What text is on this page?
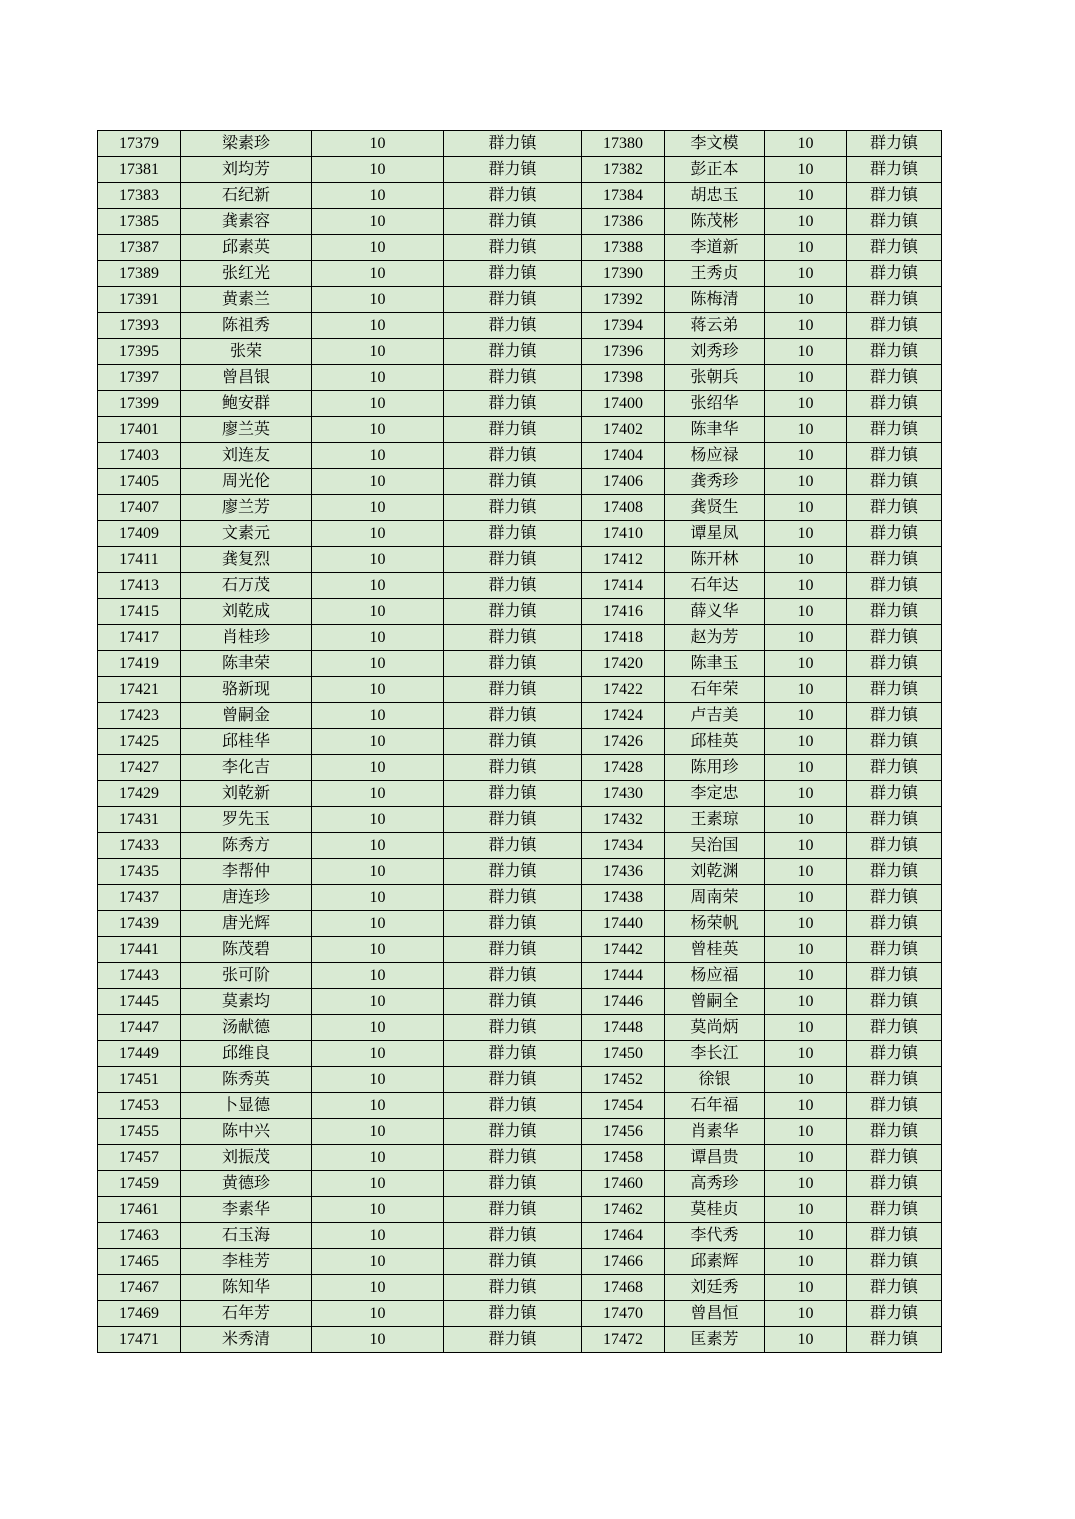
17379	梁素珍	10	群力镇	17380	李文模	10	群力镇
17381	刘均芳	10	群力镇	17382	彭正本	10	群力镇
17383	石纪新	10	群力镇	17384	胡忠玉	10	群力镇
17385	龚素容	10	群力镇	17386	陈茂彬	10	群力镇
17387	邱素英	10	群力镇	17388	李道新	10	群力镇
17389	张红光	10	群力镇	17390	王秀贞	10	群力镇
17391	黄素兰	10	群力镇	17392	陈梅清	10	群力镇
17393	陈祖秀	10	群力镇	17394	蒋云弟	10	群力镇
17395	张荣	10	群力镇	17396	刘秀珍	10	群力镇
17397	曾昌银	10	群力镇	17398	张朝兵	10	群力镇
17399	鲍安群	10	群力镇	17400	张绍华	10	群力镇
17401	廖兰英	10	群力镇	17402	陈聿华	10	群力镇
17403	刘连友	10	群力镇	17404	杨应禄	10	群力镇
17405	周光伦	10	群力镇	17406	龚秀珍	10	群力镇
17407	廖兰芳	10	群力镇	17408	龚贤生	10	群力镇
17409	文素元	10	群力镇	17410	谭星凤	10	群力镇
17411	龚复烈	10	群力镇	17412	陈开林	10	群力镇
17413	石万茂	10	群力镇	17414	石年达	10	群力镇
17415	刘乾成	10	群力镇	17416	薛义华	10	群力镇
17417	肖桂珍	10	群力镇	17418	赵为芳	10	群力镇
17419	陈聿荣	10	群力镇	17420	陈聿玉	10	群力镇
17421	骆新现	10	群力镇	17422	石年荣	10	群力镇
17423	曾嗣金	10	群力镇	17424	卢吉美	10	群力镇
17425	邱桂华	10	群力镇	17426	邱桂英	10	群力镇
17427	李化吉	10	群力镇	17428	陈用珍	10	群力镇
17429	刘乾新	10	群力镇	17430	李定忠	10	群力镇
17431	罗先玉	10	群力镇	17432	王素琼	10	群力镇
17433	陈秀方	10	群力镇	17434	吴治国	10	群力镇
17435	李帮仲	10	群力镇	17436	刘乾渊	10	群力镇
17437	唐连珍	10	群力镇	17438	周南荣	10	群力镇
17439	唐光辉	10	群力镇	17440	杨荣帆	10	群力镇
17441	陈茂碧	10	群力镇	17442	曾桂英	10	群力镇
17443	张可阶	10	群力镇	17444	杨应福	10	群力镇
17445	莫素均	10	群力镇	17446	曾嗣全	10	群力镇
17447	汤献德	10	群力镇	17448	莫尚炳	10	群力镇
17449	邱维良	10	群力镇	17450	李长江	10	群力镇
17451	陈秀英	10	群力镇	17452	徐银	10	群力镇
17453	卜显德	10	群力镇	17454	石年福	10	群力镇
17455	陈中兴	10	群力镇	17456	肖素华	10	群力镇
17457	刘振茂	10	群力镇	17458	谭昌贵	10	群力镇
17459	黄德珍	10	群力镇	17460	高秀珍	10	群力镇
17461	李素华	10	群力镇	17462	莫桂贞	10	群力镇
17463	石玉海	10	群力镇	17464	李代秀	10	群力镇
17465	李桂芳	10	群力镇	17466	邱素辉	10	群力镇
17467	陈知华	10	群力镇	17468	刘廷秀	10	群力镇
17469	石年芳	10	群力镇	17470	曾昌恒	10	群力镇
17471	米秀清	10	群力镇	17472	匡素芳	10	群力镇
